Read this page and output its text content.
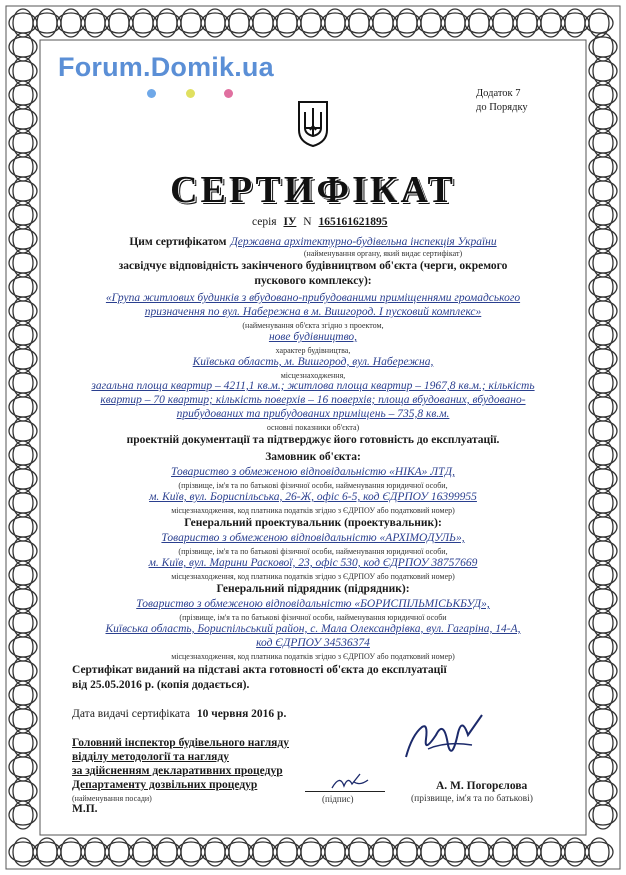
Forum.Domik.ua
Додаток 7
до Порядку
СЕРТИФІКАТ
серія ІУ N 165161621895
Цим сертифікатом Державна архітектурно-будівельна інспекція України
(найменування органу, який видає сертифікат)
засвідчує відповідність закінченого будівництвом об'єкта (черги, окремого
пускового комплексу):
«Група житлових будинків з вбудовано-прибудованими приміщеннями громадського
призначення по вул. Набережна в м. Вишгород. І пусковий комплекс»
(найменування об'єкта згідно з проектом,
нове будівництво,
характер будівництва,
Київська область, м. Вишгород, вул. Набережна,
місцезнаходження,
загальна площа квартир – 4211,1 кв.м.; житлова площа квартир – 1967,8 кв.м.; кількість
квартир – 70 квартир; кількість поверхів – 16 поверхів; площа вбудованих, вбудовано-
прибудованих та прибудованих приміщень – 735,8 кв.м.
основні показники об'єкта)
проектній документації та підтверджує його готовність до експлуатації.
Замовник об'єкта:
Товариство з обмеженою відповідальністю «НІКА» ЛТД,
(прізвище, ім'я та по батькові фізичної особи, найменування юридичної особи,
м. Київ, вул. Бориспільська, 26-Ж, офіс 6-5, код ЄДРПОУ 16399955
місцезнаходження, код платника податків згідно з ЄДРПОУ або податковий номер)
Генеральний проектувальник (проектувальник):
Товариство з обмеженою відповідальністю «АРХІМОДУЛЬ»,
(прізвище, ім'я та по батькові фізичної особи, найменування юридичної особи,
м. Київ, вул. Марини Раскової, 23, офіс 530, код ЄДРПОУ 38757669
місцезнаходження, код платника податків згідно з ЄДРПОУ або податковий номер)
Генеральний підрядник (підрядник):
Товариство з обмеженою відповідальністю «БОРИСПІЛЬМІСЬКБУД»,
(прізвище, ім'я та по батькові фізичної особи, найменування юридичної особи
Київська область, Бориспільський район, с. Мала Олександрівка, вул. Гагаріна, 14-А,
код ЄДРПОУ 34536374
місцезнаходження, код платника податків згідно з ЄДРПОУ або податковий номер)
Сертифікат виданий на підставі акта готовності об'єкта до експлуатації
від 25.05.2016 р. (копія додається).
Дата видачі сертифіката 10 червня 2016 р.
Головний інспектор будівельного нагляду
відділу методології та нагляду
за здійсненням декларативних процедур
Департаменту дозвільних процедур
(найменування посади)
М.П.
(підпис)
А. М. Погорєлова
(прізвище, ім'я та по батькові)
